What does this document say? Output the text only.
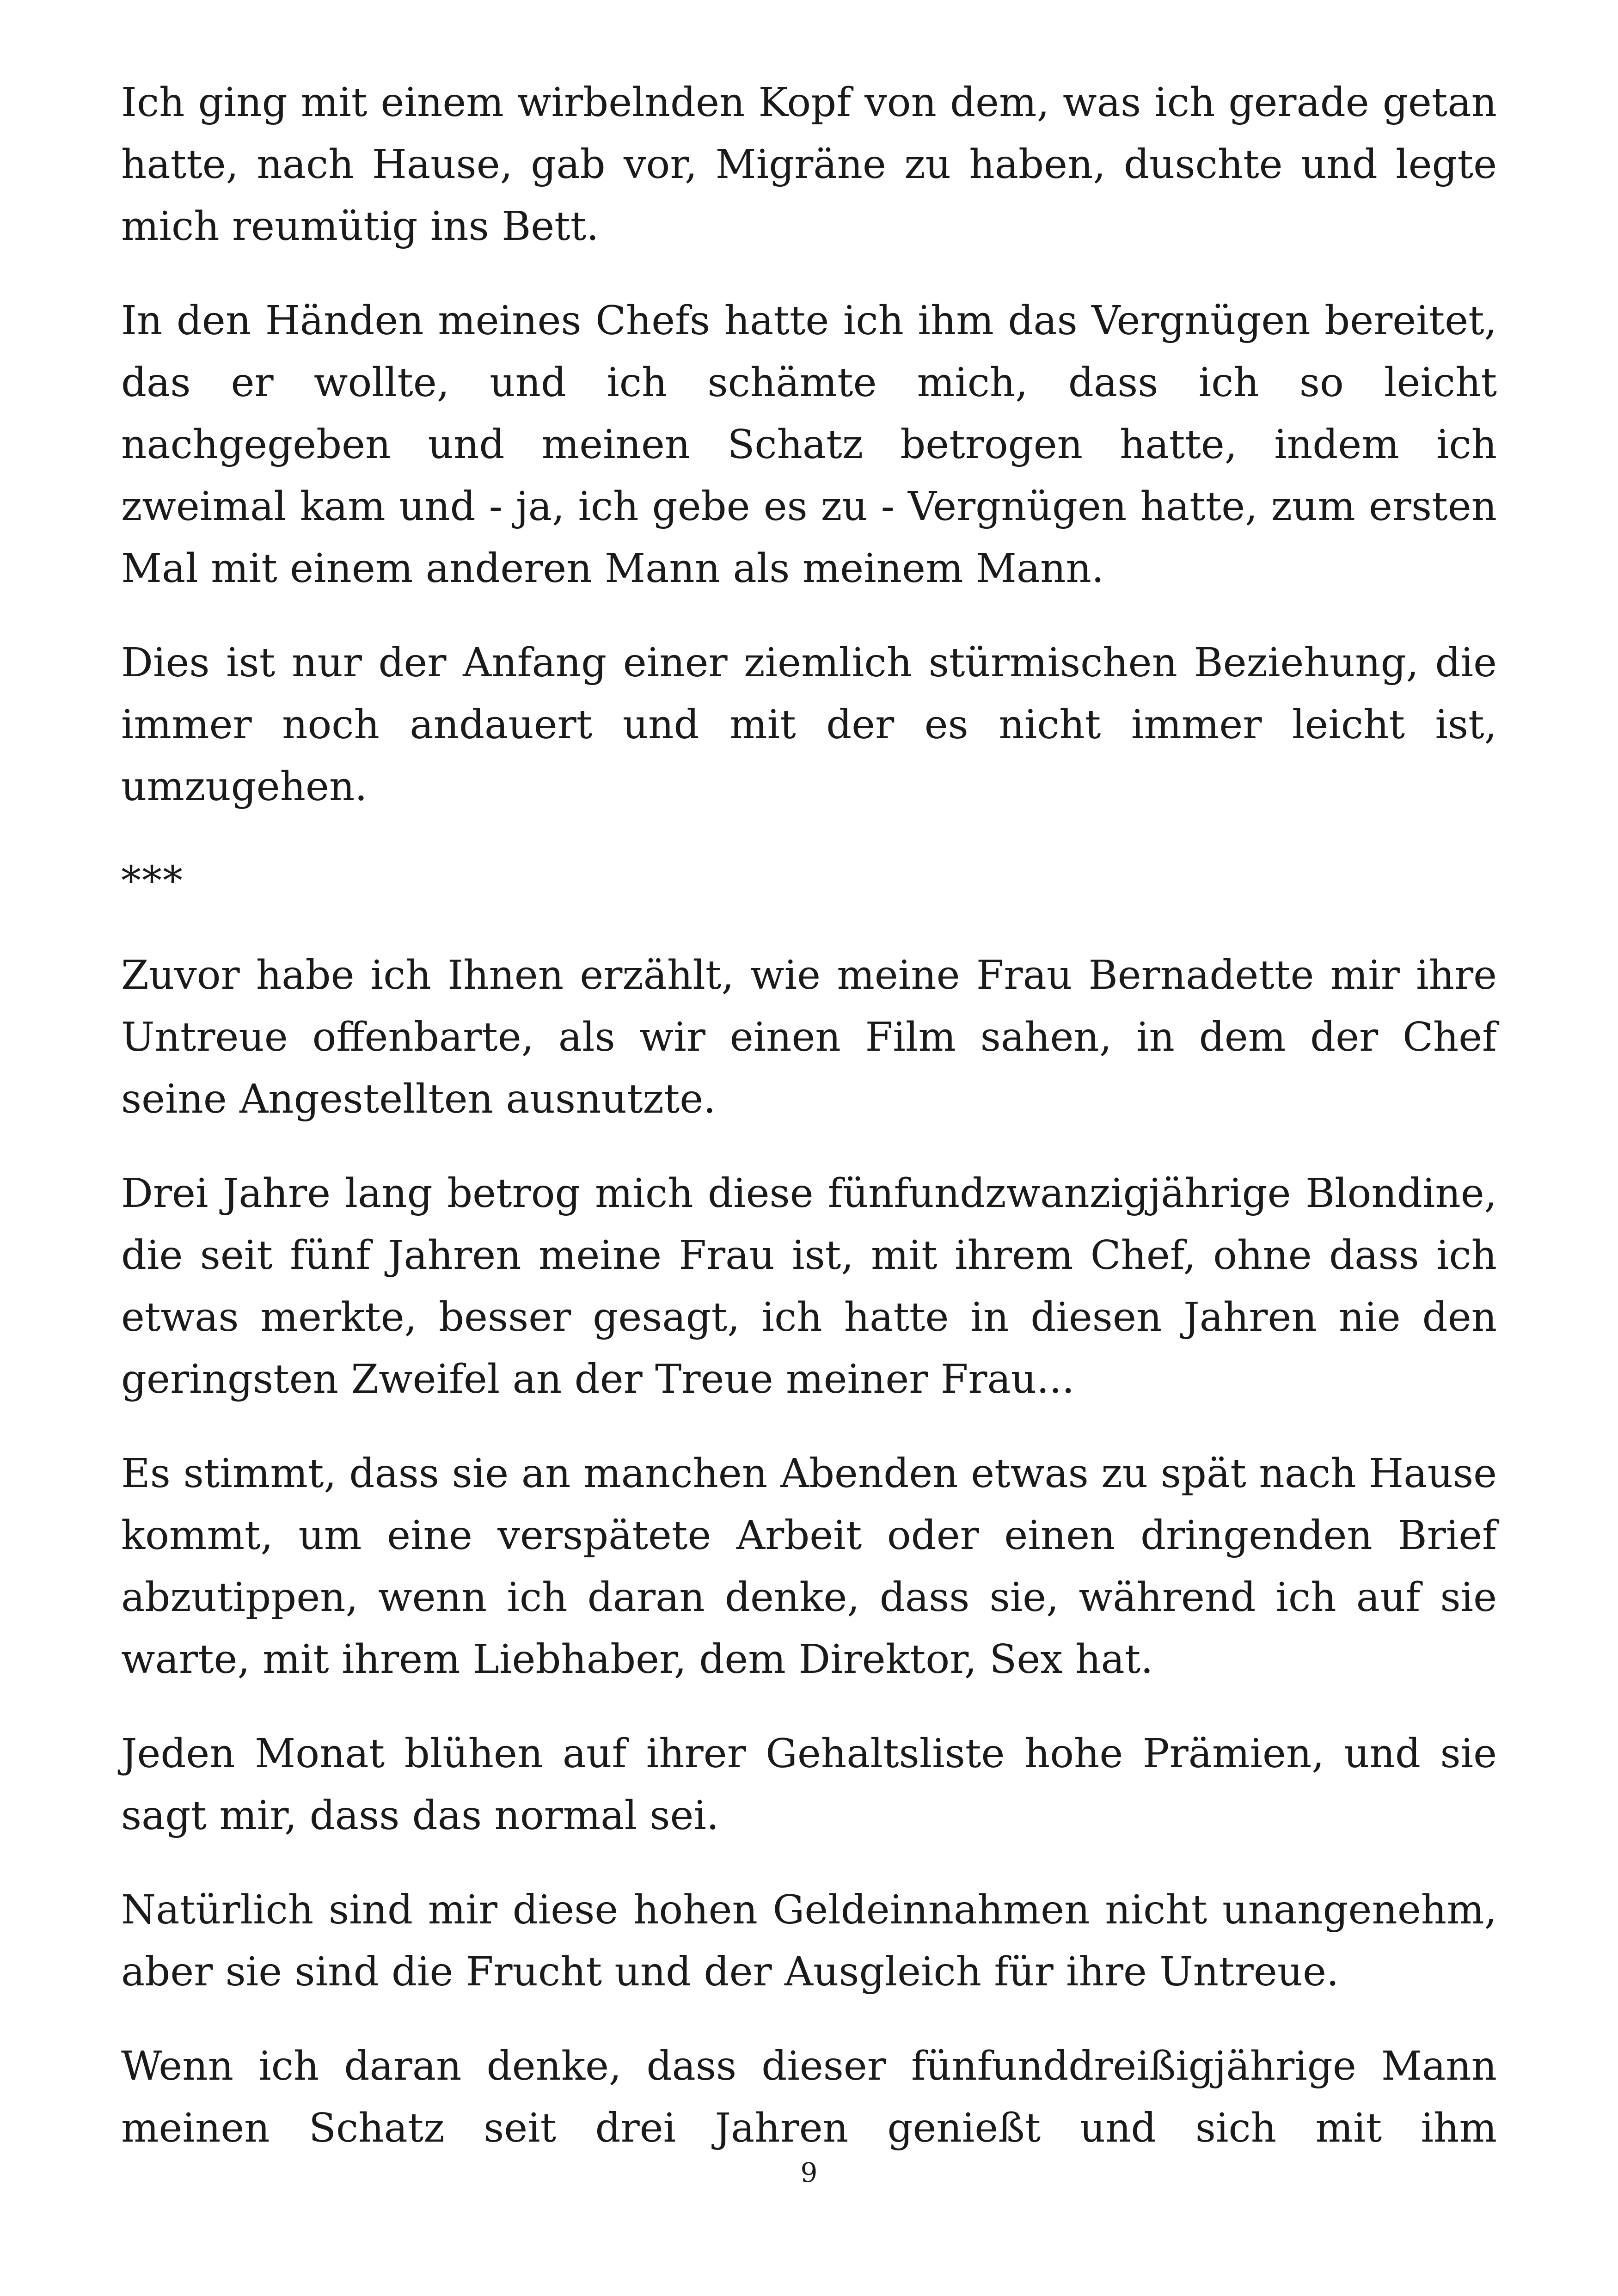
Ich ging mit einem wirbelnden Kopf von dem, was ich gerade getan hatte, nach Hause, gab vor, Migräne zu haben, duschte und legte mich reumütig ins Bett.

In den Händen meines Chefs hatte ich ihm das Vergnügen bereitet, das er wollte, und ich schämte mich, dass ich so leicht nachgegeben und meinen Schatz betrogen hatte, indem ich zweimal kam und - ja, ich gebe es zu - Vergnügen hatte, zum ersten Mal mit einem anderen Mann als meinem Mann.

Dies ist nur der Anfang einer ziemlich stürmischen Beziehung, die immer noch andauert und mit der es nicht immer leicht ist, umzugehen.

***

Zuvor habe ich Ihnen erzählt, wie meine Frau Bernadette mir ihre Untreue offenbarte, als wir einen Film sahen, in dem der Chef seine Angestellten ausnutzte.

Drei Jahre lang betrog mich diese fünfundzwanzigjährige Blondine, die seit fünf Jahren meine Frau ist, mit ihrem Chef, ohne dass ich etwas merkte, besser gesagt, ich hatte in diesen Jahren nie den geringsten Zweifel an der Treue meiner Frau...

Es stimmt, dass sie an manchen Abenden etwas zu spät nach Hause kommt, um eine verspätete Arbeit oder einen dringenden Brief abzutippen, wenn ich daran denke, dass sie, während ich auf sie warte, mit ihrem Liebhaber, dem Direktor, Sex hat.

Jeden Monat blühen auf ihrer Gehaltsliste hohe Prämien, und sie sagt mir, dass das normal sei.

Natürlich sind mir diese hohen Geldeinnahmen nicht unangenehm, aber sie sind die Frucht und der Ausgleich für ihre Untreue.

Wenn ich daran denke, dass dieser fünfunddreißigjährige Mann meinen Schatz seit drei Jahren genießt und sich mit ihm

9
